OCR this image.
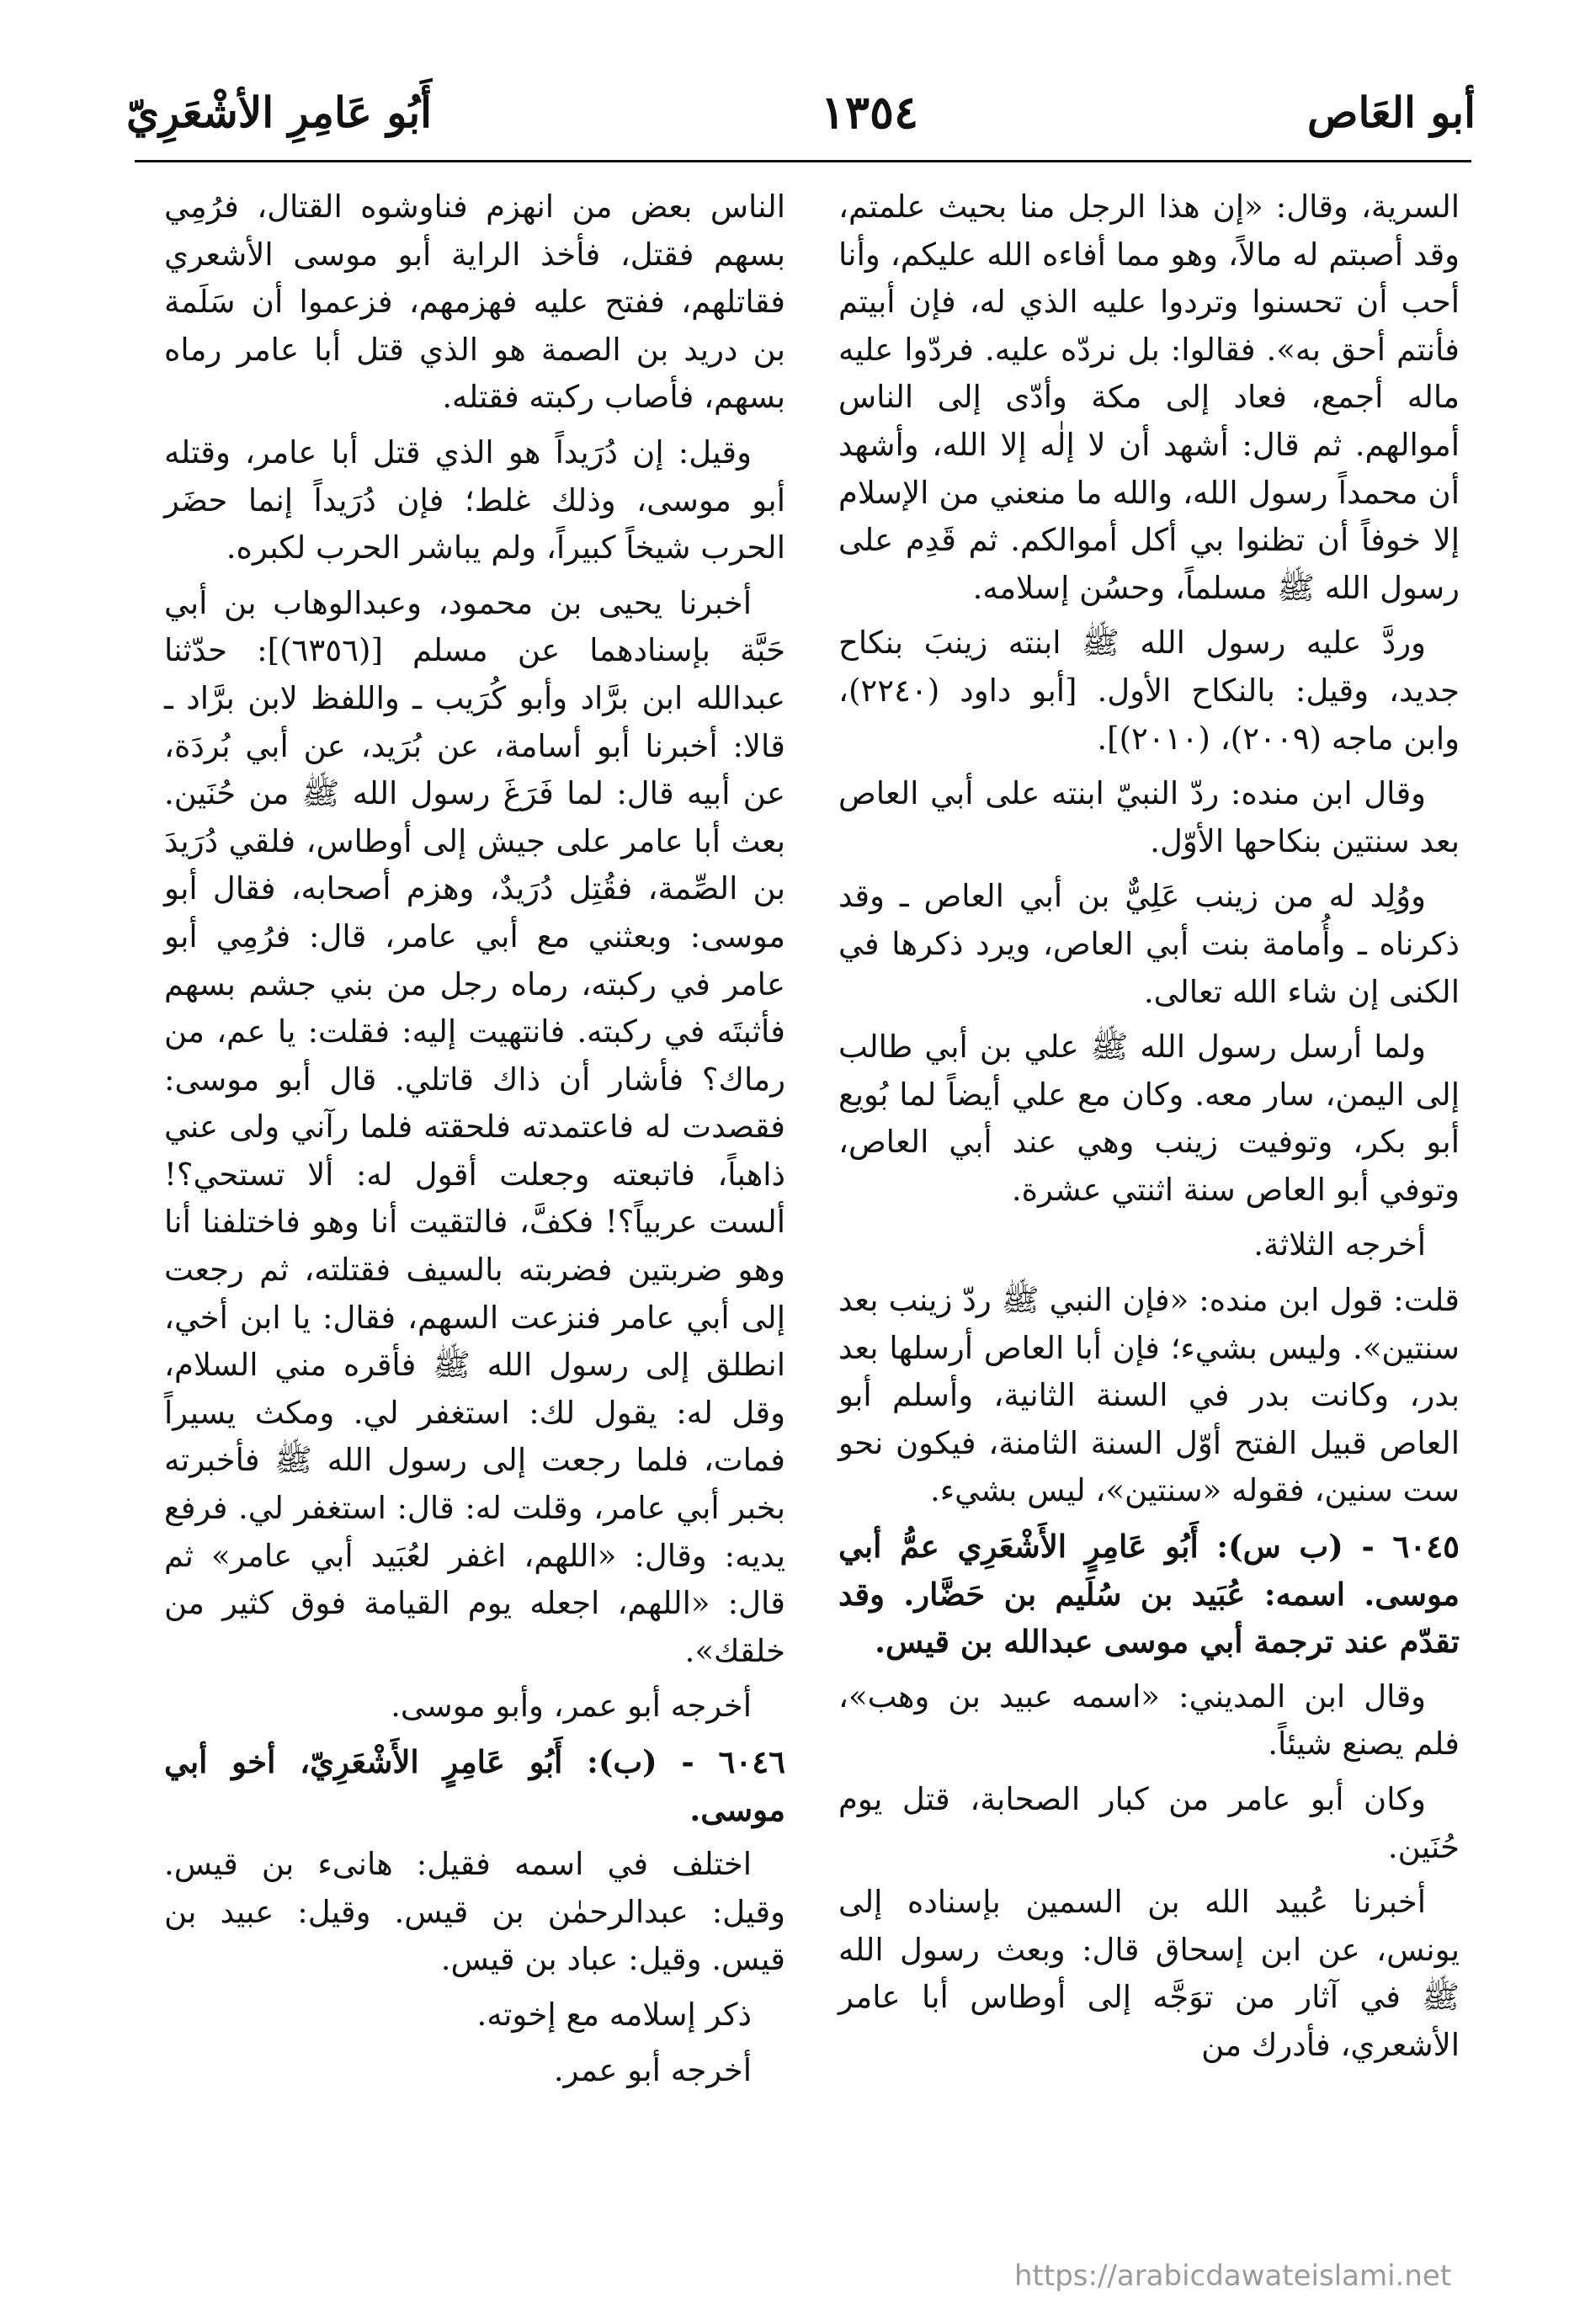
أبو العَاص
١٣٥٤
أَبُو عَامِرِ الأشْعَرِيّ

السرية، وقال: «إن هذا الرجل منا بحيث علمتم، وقد أصبتم له مالاً، وهو مما أفاءه الله عليكم، وأنا أحب أن تحسنوا وتردوا عليه الذي له، فإن أبيتم فأنتم أحق به». فقالوا: بل نردّه عليه. فردّوا عليه ماله أجمع، فعاد إلى مكة وأدّى إلى الناس أموالهم. ثم قال: أشهد أن لا إلٰه إلا الله، وأشهد أن محمداً رسول الله، والله ما منعني من الإسلام إلا خوفاً أن تظنوا بي أكل أموالكم. ثم قَدِم على رسول الله ﷺ مسلماً، وحسُن إسلامه.

وردَّ عليه رسول الله ﷺ ابنته زينبَ بنكاح جديد، وقيل: بالنكاح الأول. [أبو داود (٢٢٤٠)، وابن ماجه (٢٠٠٩)، (٢٠١٠)].

وقال ابن منده: ردّ النبيّ ابنته على أبي العاص بعد سنتين بنكاحها الأوّل.

ووُلِد له من زينب عَلِيٌّ بن أبي العاص ـ وقد ذكرناه ـ وأُمامة بنت أبي العاص، ويرد ذكرها في الكنى إن شاء الله تعالى.

ولما أرسل رسول الله ﷺ علي بن أبي طالب إلى اليمن، سار معه. وكان مع علي أيضاً لما بُويع أبو بكر، وتوفيت زينب وهي عند أبي العاص، وتوفي أبو العاص سنة اثنتي عشرة.

أخرجه الثلاثة.

قلت: قول ابن منده: «فإن النبي ﷺ ردّ زينب بعد سنتين». وليس بشيء؛ فإن أبا العاص أرسلها بعد بدر، وكانت بدر في السنة الثانية، وأسلم أبو العاص قبيل الفتح أوّل السنة الثامنة، فيكون نحو ست سنين، فقوله «سنتين»، ليس بشيء.

٦٠٤٥ - (ب س): أَبُو عَامِرٍ الأَشْعَرِي عمُّ أبي موسى. اسمه: عُبَيد بن سُلَيم بن حَضَّار. وقد تقدّم عند ترجمة أبي موسى عبدالله بن قيس.

وقال ابن المديني: «اسمه عبيد بن وهب»، فلم يصنع شيئاً.

وكان أبو عامر من كبار الصحابة، قتل يوم حُنَين.

أخبرنا عُبيد الله بن السمين بإسناده إلى يونس، عن ابن إسحاق قال: وبعث رسول الله ﷺ في آثار من توَجَّه إلى أوطاس أبا عامر الأشعري، فأدرك من

الناس بعض من انهزم فناوشوه القتال، فرُمِي بسهم فقتل، فأخذ الراية أبو موسى الأشعري فقاتلهم، ففتح عليه فهزمهم، فزعموا أن سَلَمة بن دريد بن الصمة هو الذي قتل أبا عامر رماه بسهم، فأصاب ركبته فقتله.

وقيل: إن دُرَيداً هو الذي قتل أبا عامر، وقتله أبو موسى، وذلك غلط؛ فإن دُرَيداً إنما حضَر الحرب شيخاً كبيراً، ولم يباشر الحرب لكبره.

أخبرنا يحيى بن محمود، وعبدالوهاب بن أبي حَبَّة بإسنادهما عن مسلم [(٦٣٥٦)]: حدّثنا عبدالله ابن برَّاد وأبو كُرَيب ـ واللفظ لابن برَّاد ـ قالا: أخبرنا أبو أسامة، عن بُرَيد، عن أبي بُردَة، عن أبيه قال: لما فَرَغَ رسول الله ﷺ من حُنَين. بعث أبا عامر على جيش إلى أوطاس، فلقي دُرَيدَ بن الصِّمة، فقُتِل دُرَيدٌ، وهزم أصحابه، فقال أبو موسى: وبعثني مع أبي عامر، قال: فرُمِي أبو عامر في ركبته، رماه رجل من بني جشم بسهم فأثبتَه في ركبته. فانتهيت إليه: فقلت: يا عم، من رماك؟ فأشار أن ذاك قاتلي. قال أبو موسى: فقصدت له فاعتمدته فلحقته فلما رآني ولى عني ذاهباً، فاتبعته وجعلت أقول له: ألا تستحي؟! ألست عربياً؟! فكفَّ، فالتقيت أنا وهو فاختلفنا أنا وهو ضربتين فضربته بالسيف فقتلته، ثم رجعت إلى أبي عامر فنزعت السهم، فقال: يا ابن أخي، انطلق إلى رسول الله ﷺ فأقره مني السلام، وقل له: يقول لك: استغفر لي. ومكث يسيراً فمات، فلما رجعت إلى رسول الله ﷺ فأخبرته بخبر أبي عامر، وقلت له: قال: استغفر لي. فرفع يديه: وقال: «اللهم، اغفر لعُبَيد أبي عامر» ثم قال: «اللهم، اجعله يوم القيامة فوق كثير من خلقك».

أخرجه أبو عمر، وأبو موسى.

٦٠٤٦ - (ب): أَبُو عَامِرٍ الأَشْعَرِيّ، أخو أبي موسى.

اختلف في اسمه فقيل: هانىء بن قيس. وقيل: عبدالرحمٰن بن قيس. وقيل: عبيد بن قيس. وقيل: عباد بن قيس.

ذكر إسلامه مع إخوته.

أخرجه أبو عمر.

https://arabicdawateislami.net
